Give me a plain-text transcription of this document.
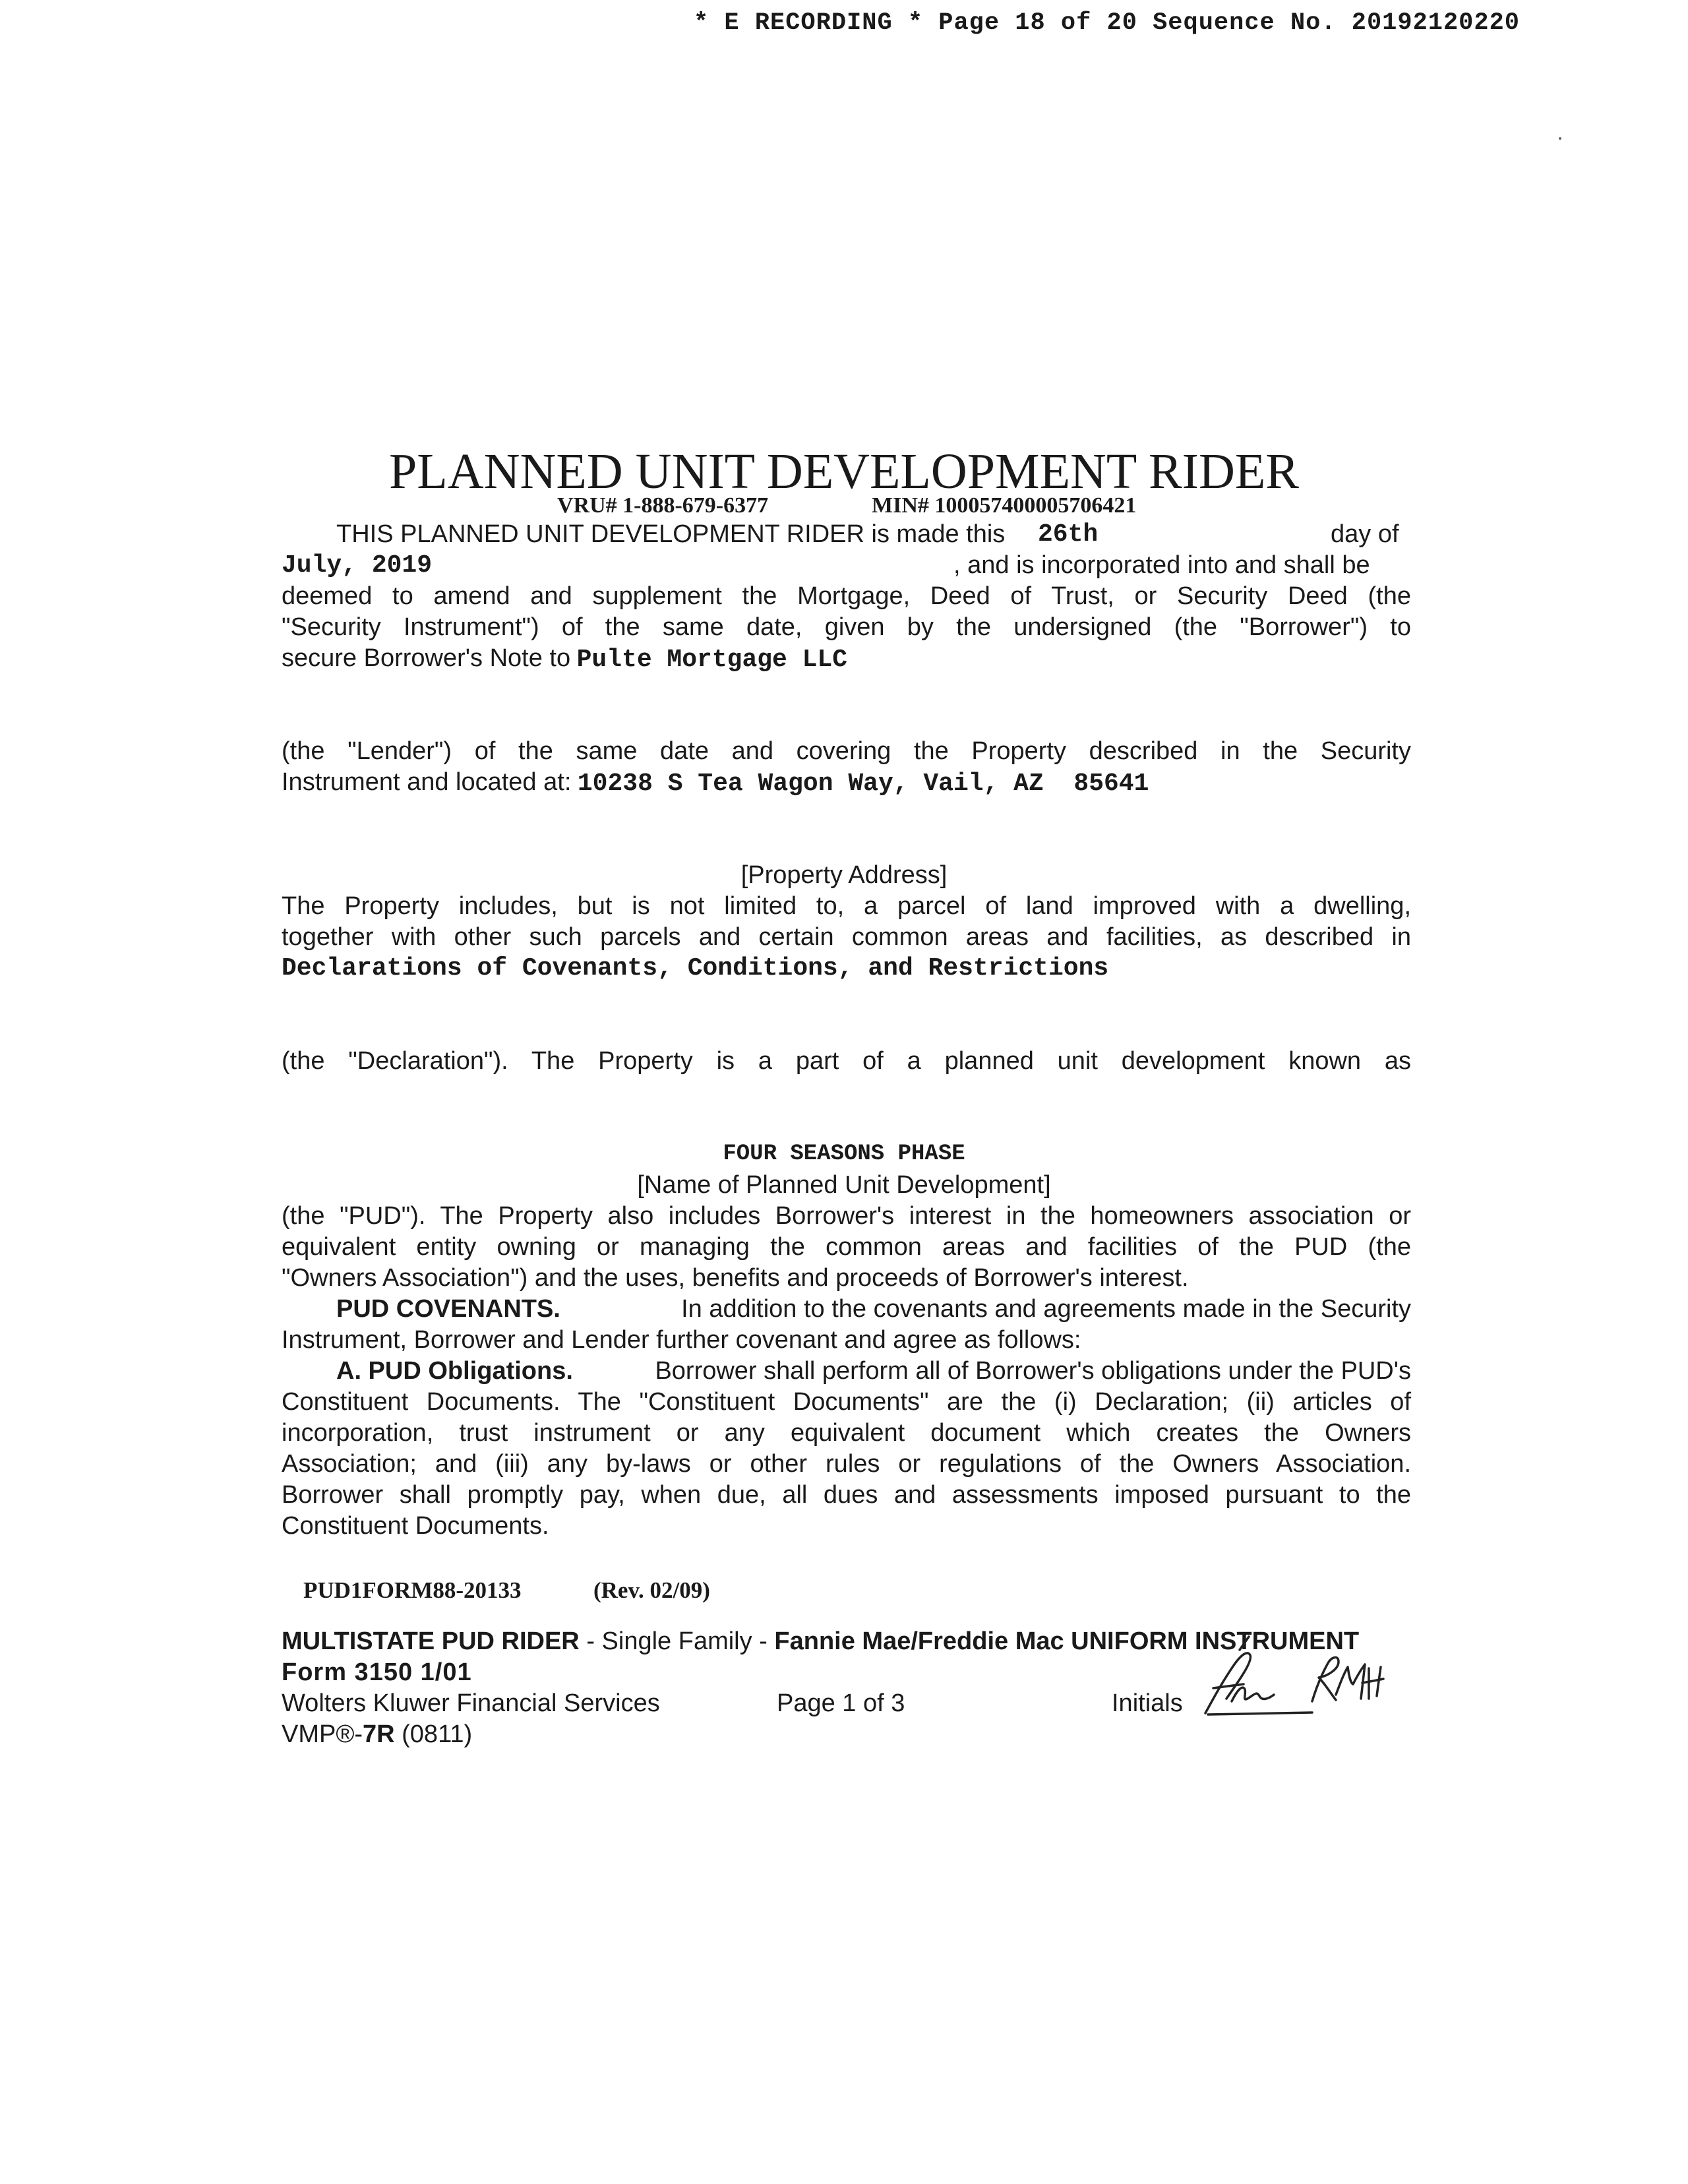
* E RECORDING * Page 18 of 20 Sequence No. 20192120220
PLANNED UNIT DEVELOPMENT RIDER
VRU# 1-888-679-6377	MIN# 100057400005706421
THIS PLANNED UNIT DEVELOPMENT RIDER is made this 26th	day of
July, 2019	, and is incorporated into and shall be
deemed to amend and supplement the Mortgage, Deed of Trust, or Security Deed (the
"Security Instrument") of the same date, given by the undersigned (the "Borrower") to
secure Borrower's Note to Pulte Mortgage LLC
(the "Lender") of the same date and covering the Property described in the Security
Instrument and located at: 10238 S Tea Wagon Way, Vail, AZ  85641
[Property Address]
The Property includes, but is not limited to, a parcel of land improved with a dwelling,
together with other such parcels and certain common areas and facilities, as described in
Declarations of Covenants, Conditions, and Restrictions
(the "Declaration"). The Property is a part of a planned unit development known as
FOUR SEASONS PHASE
[Name of Planned Unit Development]
(the "PUD"). The Property also includes Borrower's interest in the homeowners association or
equivalent entity owning or managing the common areas and facilities of the PUD (the
"Owners Association") and the uses, benefits and proceeds of Borrower's interest.
PUD COVENANTS.	In addition to the covenants and agreements made in the Security
Instrument, Borrower and Lender further covenant and agree as follows:
A. PUD Obligations.	Borrower shall perform all of Borrower's obligations under the PUD's
Constituent Documents. The "Constituent Documents" are the (i) Declaration; (ii) articles of
incorporation, trust instrument or any equivalent document which creates the Owners
Association; and (iii) any by-laws or other rules or regulations of the Owners Association.
Borrower shall promptly pay, when due, all dues and assessments imposed pursuant to the
Constituent Documents.
PUD1FORM88-20133	(Rev. 02/09)
MULTISTATE PUD RIDER - Single Family - Fannie Mae/Freddie Mac UNIFORM INSTRUMENT
Form 3150 1/01
Wolters Kluwer Financial Services	Page 1 of 3	Initials
VMP®-7R (0811)
